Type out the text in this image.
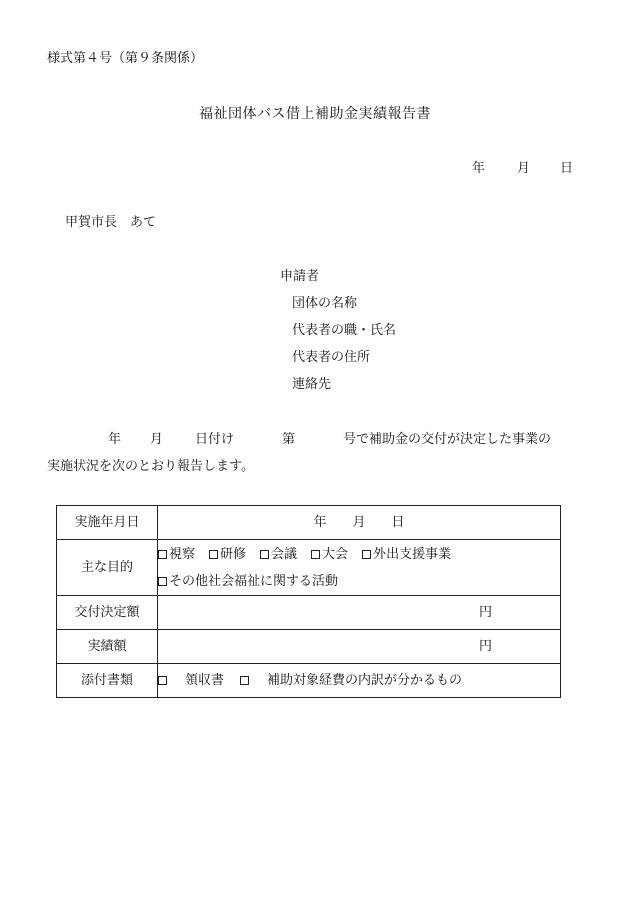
様式第４号（第９条関係）
福祉団体バス借上補助金実績報告書
年 月 日
甲賀市長　あて
申請者
団体の名称
代表者の職・氏名
代表者の住所
連絡先
年 月 日付け	第	号で補助金の交付が決定した事業の
実施状況を次のとおり報告します。
実施年月日	年 月 日

主な目的	視察 研修 会議 大会 外出支援事業
その他社会福祉に関する活動

交付決定額	円

実績額	円

添付書類	領収書 補助対象経費の内訳が分かるもの
